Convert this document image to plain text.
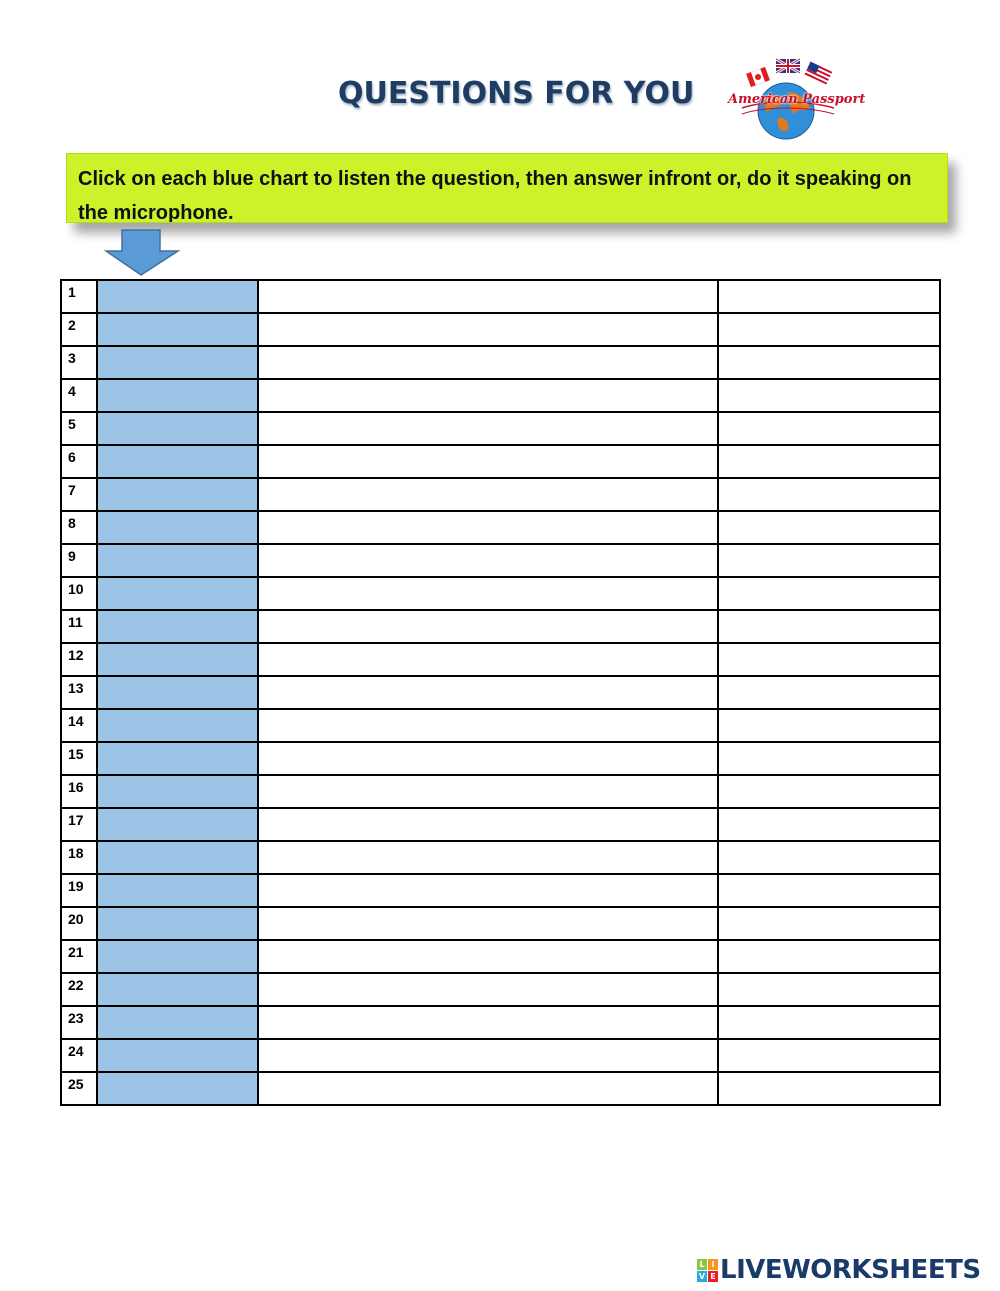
QUESTIONS FOR YOU	American Passport
Click on each blue chart to listen the question, then answer infront or, do it speaking on the microphone.
1			
2			
3			
4			
5			
6			
7			
8			
9			
10			
11			
12			
13			
14			
15			
16			
17			
18			
19			
20			
21			
22			
23			
24			
25			
L I
V E LIVEWORKSHEETS
